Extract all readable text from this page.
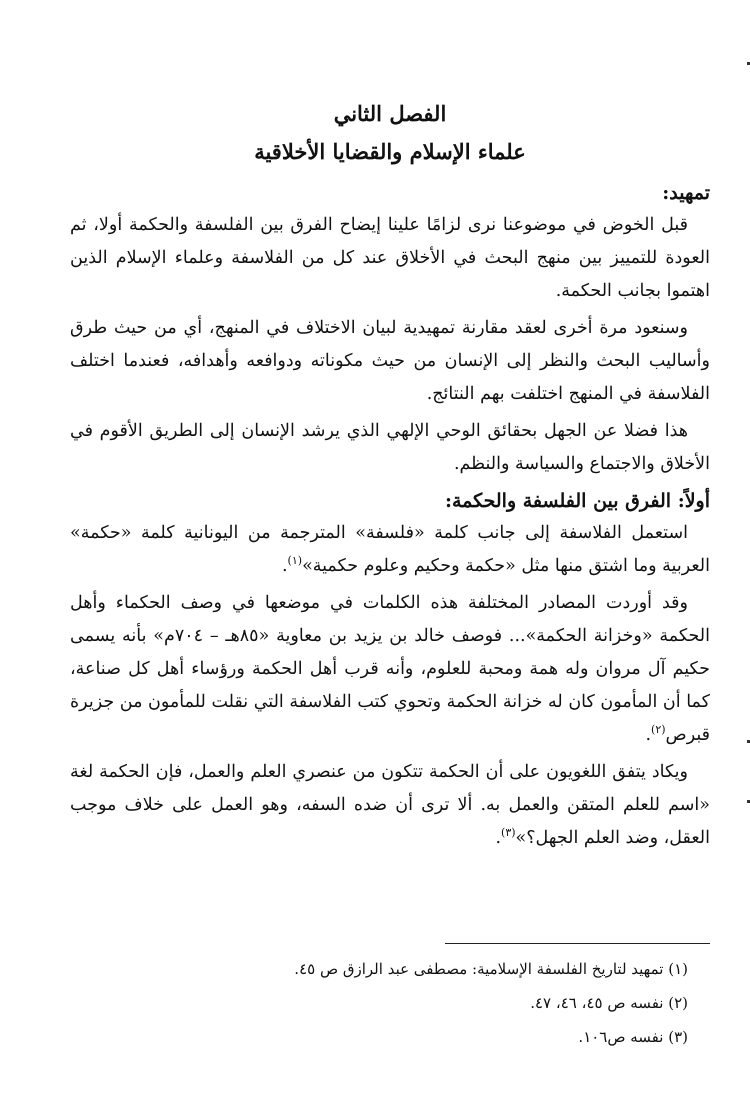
الفصل الثاني
علماء الإسلام والقضايا الأخلاقية
تمهيد:

قبل الخوض في موضوعنا نرى لزامًا علينا إيضاح الفرق بين الفلسفة والحكمة أولا، ثم العودة للتمييز بين منهج البحث في الأخلاق عند كل من الفلاسفة وعلماء الإسلام الذين اهتموا بجانب الحكمة.

وسنعود مرة أخرى لعقد مقارنة تمهيدية لبيان الاختلاف في المنهج، أي من حيث طرق وأساليب البحث والنظر إلى الإنسان من حيث مكوناته ودوافعه وأهدافه، فعندما اختلف الفلاسفة في المنهج اختلفت بهم النتائج.

هذا فضلا عن الجهل بحقائق الوحي الإلهي الذي يرشد الإنسان إلى الطريق الأقوم في الأخلاق والاجتماع والسياسة والنظم.

أولاً: الفرق بين الفلسفة والحكمة:

استعمل الفلاسفة إلى جانب كلمة «فلسفة» المترجمة من اليونانية كلمة «حكمة» العربية وما اشتق منها مثل «حكمة وحكيم وعلوم حكمية»$^{(١)}$.

وقد أوردت المصادر المختلفة هذه الكلمات في موضعها في وصف الحكماء وأهل الحكمة «وخزانة الحكمة»... فوصف خالد بن يزيد بن معاوية «٨٥هـ – ٧٠٤م» بأنه يسمى حكيم آل مروان وله همة ومحبة للعلوم، وأنه قرب أهل الحكمة ورؤساء أهل كل صناعة، كما أن المأمون كان له خزانة الحكمة وتحوي كتب الفلاسفة التي نقلت للمأمون من جزيرة قبرص$^{(٢)}$.

ويكاد يتفق اللغويون على أن الحكمة تتكون من عنصري العلم والعمل، فإن الحكمة لغة «اسم للعلم المتقن والعمل به. ألا ترى أن ضده السفه، وهو العمل على خلاف موجب العقل، وضد العلم الجهل؟»$^{(٣)}$.

(١) تمهيد لتاريخ الفلسفة الإسلامية: مصطفى عبد الرازق ص ٤٥.

(٢) نفسه ص ٤٥، ٤٦، ٤٧.

(٣) نفسه ص١٠٦.
